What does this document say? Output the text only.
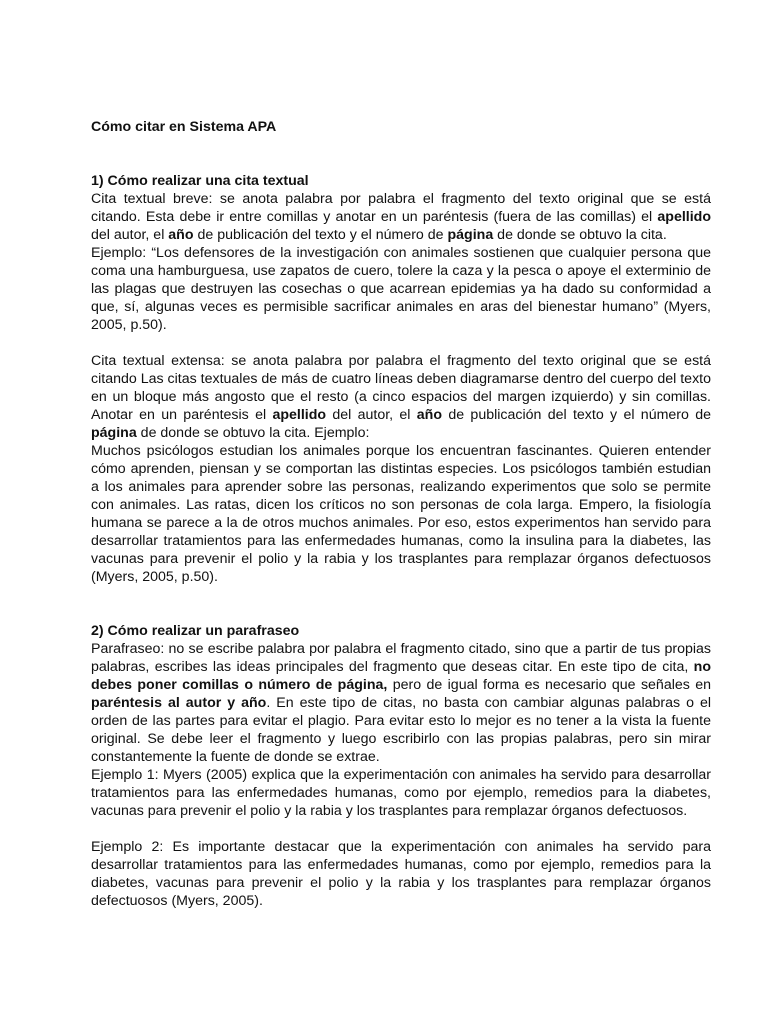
Cómo citar en Sistema APA
1) Cómo realizar una cita textual

Cita textual breve: se anota palabra por palabra el fragmento del texto original que se está citando. Esta debe ir entre comillas y anotar en un paréntesis (fuera de las comillas) el apellido del autor, el año de publicación del texto y el número de página de donde se obtuvo la cita.

Ejemplo: “Los defensores de la investigación con animales sostienen que cualquier persona que coma una hamburguesa, use zapatos de cuero, tolere la caza y la pesca o apoye el exterminio de las plagas que destruyen las cosechas o que acarrean epidemias ya ha dado su conformidad a que, sí, algunas veces es permisible sacrificar animales en aras del bienestar humano” (Myers, 2005, p.50).

Cita textual extensa: se anota palabra por palabra el fragmento del texto original que se está citando Las citas textuales de más de cuatro líneas deben diagramarse dentro del cuerpo del texto en un bloque más angosto que el resto (a cinco espacios del margen izquierdo) y sin comillas. Anotar en un paréntesis el apellido del autor, el año de publicación del texto y el número de página de donde se obtuvo la cita. Ejemplo:

Muchos psicólogos estudian los animales porque los encuentran fascinantes. Quieren entender cómo aprenden, piensan y se comportan las distintas especies. Los psicólogos también estudian a los animales para aprender sobre las personas, realizando experimentos que solo se permite con animales. Las ratas, dicen los críticos no son personas de cola larga. Empero, la fisiología humana se parece a la de otros muchos animales. Por eso, estos experimentos han servido para desarrollar tratamientos para las enfermedades humanas, como la insulina para la diabetes, las vacunas para prevenir el polio y la rabia y los trasplantes para remplazar órganos defectuosos (Myers, 2005, p.50).

2) Cómo realizar un parafraseo

Parafraseo: no se escribe palabra por palabra el fragmento citado, sino que a partir de tus propias palabras, escribes las ideas principales del fragmento que deseas citar. En este tipo de cita, no debes poner comillas o número de página, pero de igual forma es necesario que señales en paréntesis al autor y año. En este tipo de citas, no basta con cambiar algunas palabras o el orden de las partes para evitar el plagio. Para evitar esto lo mejor es no tener a la vista la fuente original. Se debe leer el fragmento y luego escribirlo con las propias palabras, pero sin mirar constantemente la fuente de donde se extrae.

Ejemplo 1: Myers (2005) explica que la experimentación con animales ha servido para desarrollar tratamientos para las enfermedades humanas, como por ejemplo, remedios para la diabetes, vacunas para prevenir el polio y la rabia y los trasplantes para remplazar órganos defectuosos.

Ejemplo 2: Es importante destacar que la experimentación con animales ha servido para desarrollar tratamientos para las enfermedades humanas, como por ejemplo, remedios para la diabetes, vacunas para prevenir el polio y la rabia y los trasplantes para remplazar órganos defectuosos (Myers, 2005).
